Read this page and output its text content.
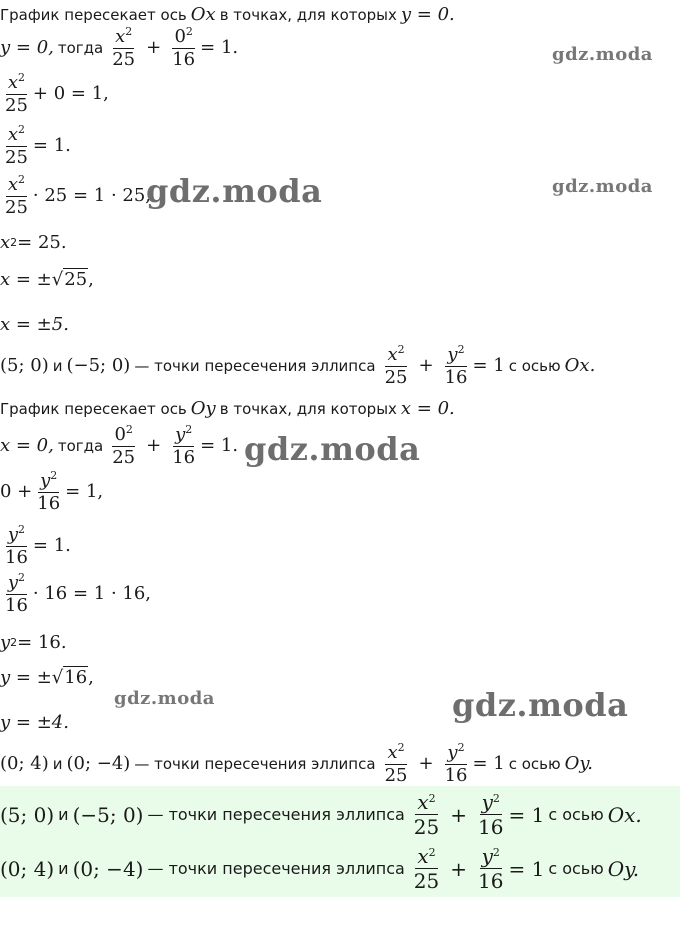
График пересекает ось Ox в точках, для которых y = 0.
y = 0, тогда $\frac{x^2}{25} + \frac{0^2}{16} = 1$.
$\frac{x^2}{25} + 0 = 1$,
$\frac{x^2}{25} = 1$.
$\frac{x^2}{25} \cdot 25 = 1 \cdot 25$,
x 2 = 25.
x = ± √ 25 ,
x = ±5.
(5; 0) и (−5; 0) — точки пересечения эллипса $\frac{x^2}{25} + \frac{y^2}{16} = 1$ с осью Ox.
График пересекает ось Oy в точках, для которых x = 0.
x = 0, тогда $\frac{0^2}{25} + \frac{y^2}{16} = 1$.
$0 + \frac{y^2}{16} = 1$,
$\frac{y^2}{16} = 1$.
$\frac{y^2}{16} \cdot 16 = 1 \cdot 16$,
y 2 = 16.
y = ± √ 16 ,
y = ±4.
(0; 4) и (0; −4) — точки пересечения эллипса $\frac{x^2}{25} + \frac{y^2}{16} = 1$ с осью Oy.
(5; 0) и (−5; 0) — точки пересечения эллипса $\frac{x^2}{25} + \frac{y^2}{16} = 1$ с осью Ox.
(0; 4) и (0; −4) — точки пересечения эллипса $\frac{x^2}{25} + \frac{y^2}{16} = 1$ с осью Oy.
gdz.moda
gdz.moda
gdz.moda
gdz.moda
gdz.moda	gdz.moda
